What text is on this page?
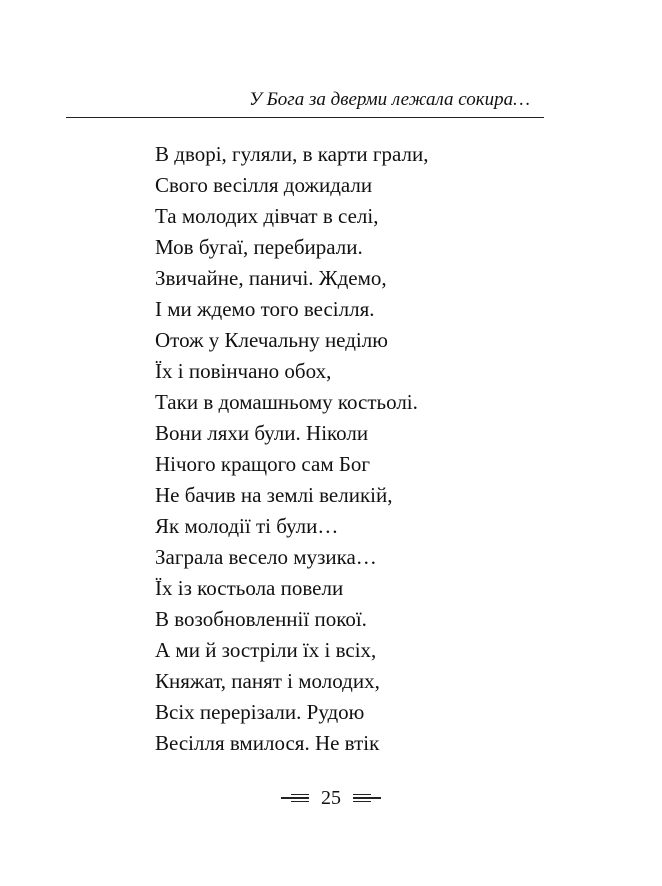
У Бога за дверми лежала сокира…
В дворі, гуляли, в карти грали,
Свого весілля дожидали
Та молодих дівчат в селі,
Мов бугаї, перебирали.
Звичайне, паничі. Ждемо,
І ми ждемо того весілля.
Отож у Клечальну неділю
Їх і повінчано обох,
Таки в домашньому костьолі.
Вони ляхи були. Ніколи
Нічого кращого сам Бог
Не бачив на землі великій,
Як молодії ті були…
Заграла весело музика…
Їх із костьола повели
В возобновленнії покої.
А ми й зостріли їх і всіх,
Княжат, панят і молодих,
Всіх перерізали. Рудою
Весілля вмилося. Не втік
25
